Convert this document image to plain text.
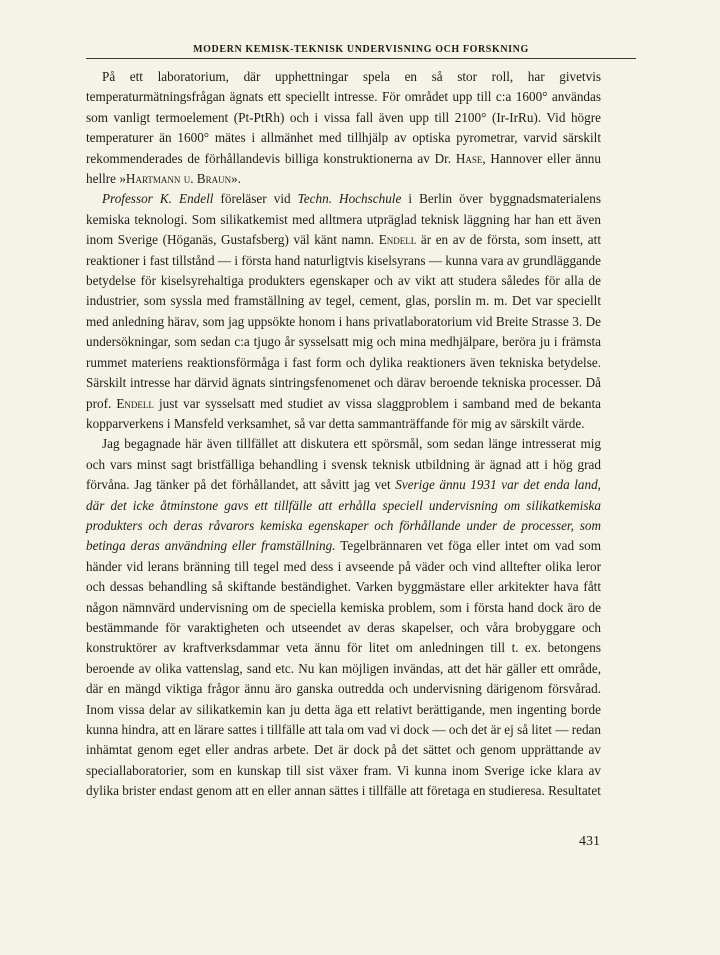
MODERN KEMISK-TEKNISK UNDERVISNING OCH FORSKNING

På ett laboratorium, där upphettningar spela en så stor roll, har givetvis temperaturmätningsfrågan ägnats ett speciellt intresse. För området upp till c:a 1600° användas som vanligt termoelement (Pt-PtRh) och i vissa fall även upp till 2100° (Ir-IrRu). Vid högre temperaturer än 1600° mätes i allmänhet med tillhjälp av optiska pyrometrar, varvid särskilt rekommenderades de förhållandevis billiga konstruktionerna av Dr. Hase, Hannover eller ännu hellre »Hartmann u. Braun».

Professor K. Endell föreläser vid Techn. Hochschule i Berlin över byggnadsmaterialens kemiska teknologi. Som silikatkemist med alltmera utpräglad teknisk läggning har han ett även inom Sverige (Höganäs, Gustafsberg) väl känt namn. Endell är en av de första, som insett, att reaktioner i fast tillstånd — i första hand naturligtvis kiselsyrans — kunna vara av grundläggande betydelse för kiselsyrehaltiga produkters egenskaper och av vikt att studera således för alla de industrier, som syssla med framställning av tegel, cement, glas, porslin m. m. Det var speciellt med anledning härav, som jag uppsökte honom i hans privatlaboratorium vid Breite Strasse 3. De undersökningar, som sedan c:a tjugo år sysselsatt mig och mina medhjälpare, beröra ju i främsta rummet materiens reaktionsförmåga i fast form och dylika reaktioners även tekniska betydelse. Särskilt intresse har därvid ägnats sintringsfenomenet och därav beroende tekniska processer. Då prof. Endell just var sysselsatt med studiet av vissa slaggproblem i samband med de bekanta kopparverkens i Mansfeld verksamhet, så var detta sammanträffande för mig av särskilt värde.

Jag begagnade här även tillfället att diskutera ett spörsmål, som sedan länge intresserat mig och vars minst sagt bristfälliga behandling i svensk teknisk utbildning är ägnad att i hög grad förvåna. Jag tänker på det förhållandet, att såvitt jag vet Sverige ännu 1931 var det enda land, där det icke åtminstone gavs ett tillfälle att erhålla speciell undervisning om silikatkemiska produkters och deras råvarors kemiska egenskaper och förhållande under de processer, som betinga deras användning eller framställning. Tegelbrännaren vet föga eller intet om vad som händer vid lerans bränning till tegel med dess i avseende på väder och vind alltefter olika leror och dessas behandling så skiftande beständighet. Varken byggmästare eller arkitekter hava fått någon nämnvärd undervisning om de speciella kemiska problem, som i första hand dock äro de bestämmande för varaktigheten och utseendet av deras skapelser, och våra brobyggare och konstruktörer av kraftverksdammar veta ännu för litet om anledningen till t. ex. betongens beroende av olika vattenslag, sand etc. Nu kan möjligen invändas, att det här gäller ett område, där en mängd viktiga frågor ännu äro ganska outredda och undervisning därigenom försvårad. Inom vissa delar av silikatkemin kan ju detta äga ett relativt berättigande, men ingenting borde kunna hindra, att en lärare sattes i tillfälle att tala om vad vi dock — och det är ej så litet — redan inhämtat genom eget eller andras arbete. Det är dock på det sättet och genom upprättande av speciallaboratorier, som en kunskap till sist växer fram. Vi kunna inom Sverige icke klara av dylika brister endast genom att en eller annan sättes i tillfälle att företaga en studieresa. Resultatet

431
